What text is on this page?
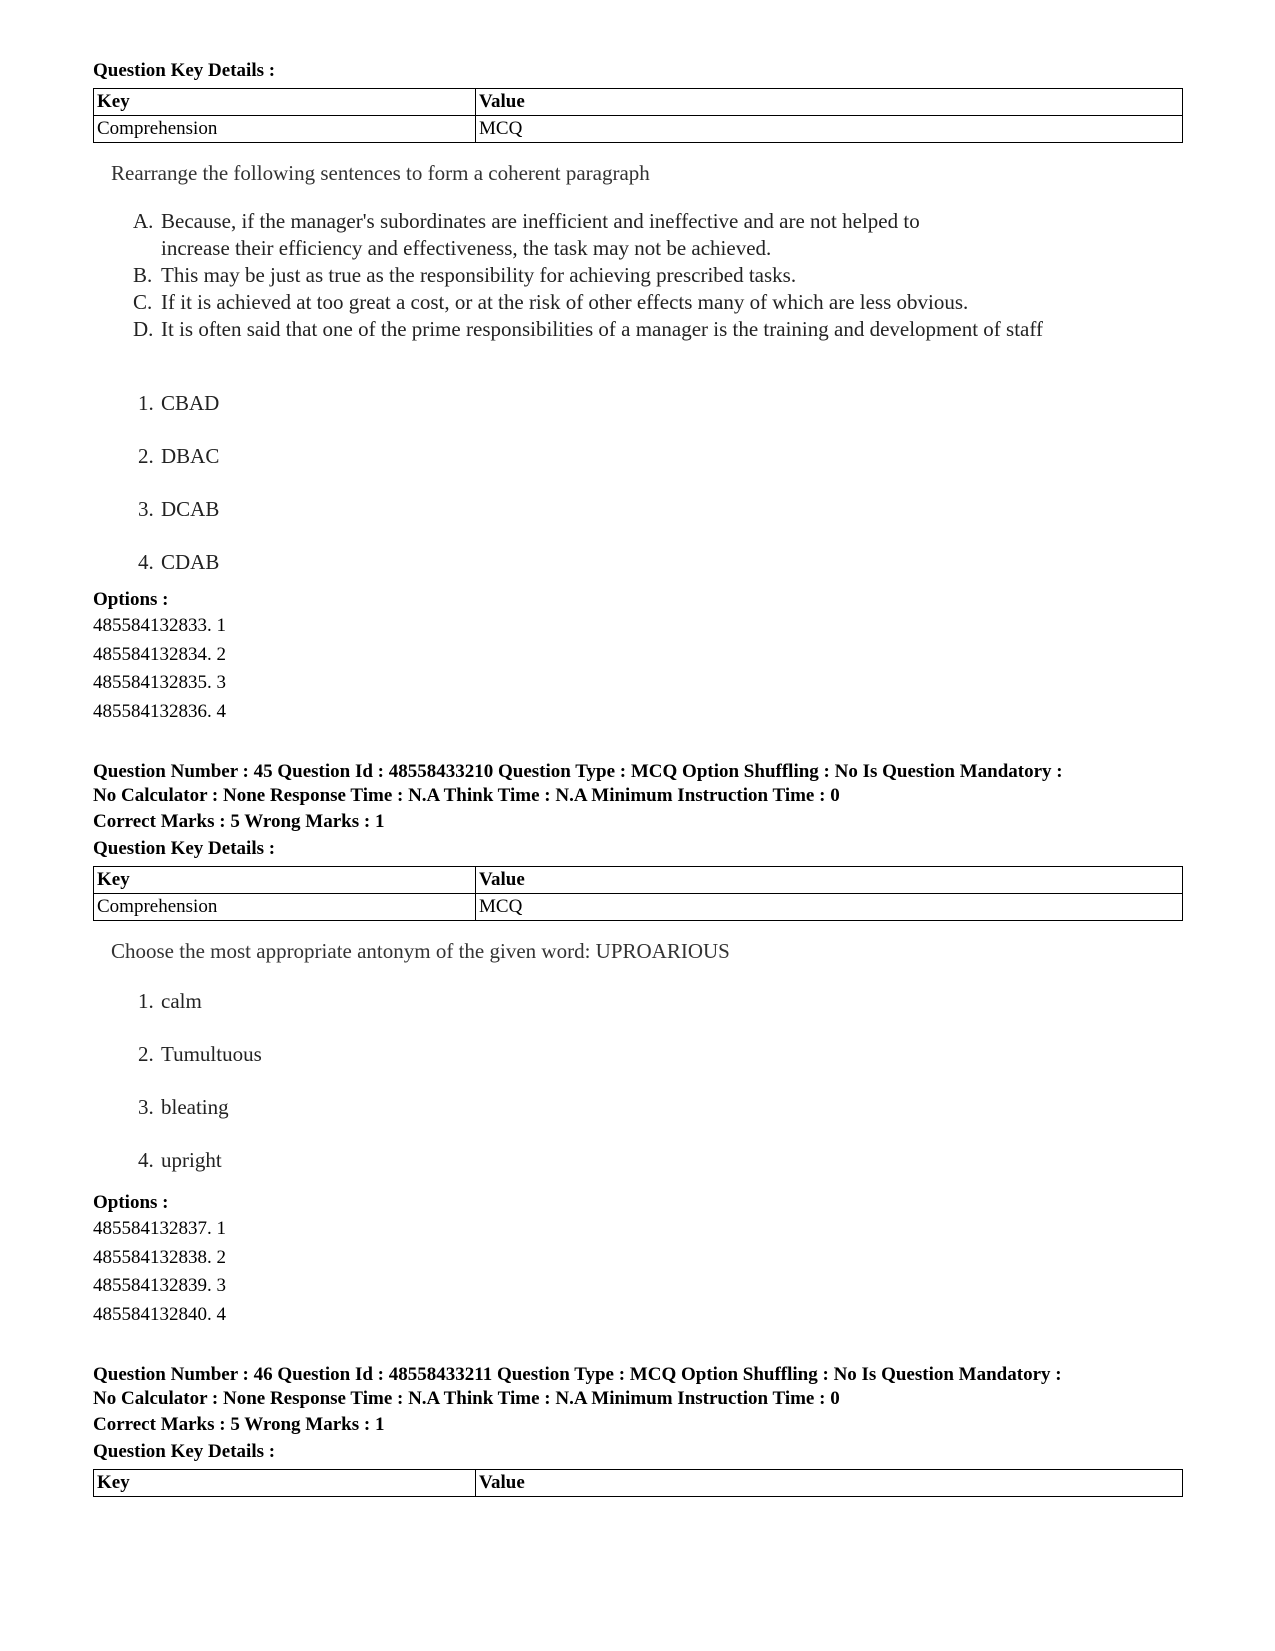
Question Key Details :
Key	Value
Comprehension	MCQ
Rearrange the following sentences to form a coherent paragraph
A. Because, if the manager's subordinates are inefficient and ineffective and are not helped to increase their efficiency and effectiveness, the task may not be achieved.
B. This may be just as true as the responsibility for achieving prescribed tasks.
C. If it is achieved at too great a cost, or at the risk of other effects many of which are less obvious.
D. It is often said that one of the prime responsibilities of a manager is the training and development of staff
1. CBAD
2. DBAC
3. DCAB
4. CDAB
Options :
485584132833. 1
485584132834. 2
485584132835. 3
485584132836. 4
Question Number : 45 Question Id : 48558433210 Question Type : MCQ Option Shuffling : No Is Question Mandatory :
No Calculator : None Response Time : N.A Think Time : N.A Minimum Instruction Time : 0
Correct Marks : 5 Wrong Marks : 1
Question Key Details :
Key	Value
Comprehension	MCQ
Choose the most appropriate antonym of the given word: UPROARIOUS
1. calm
2. Tumultuous
3. bleating
4. upright
Options :
485584132837. 1
485584132838. 2
485584132839. 3
485584132840. 4
Question Number : 46 Question Id : 48558433211 Question Type : MCQ Option Shuffling : No Is Question Mandatory :
No Calculator : None Response Time : N.A Think Time : N.A Minimum Instruction Time : 0
Correct Marks : 5 Wrong Marks : 1
Question Key Details :
Key	Value
